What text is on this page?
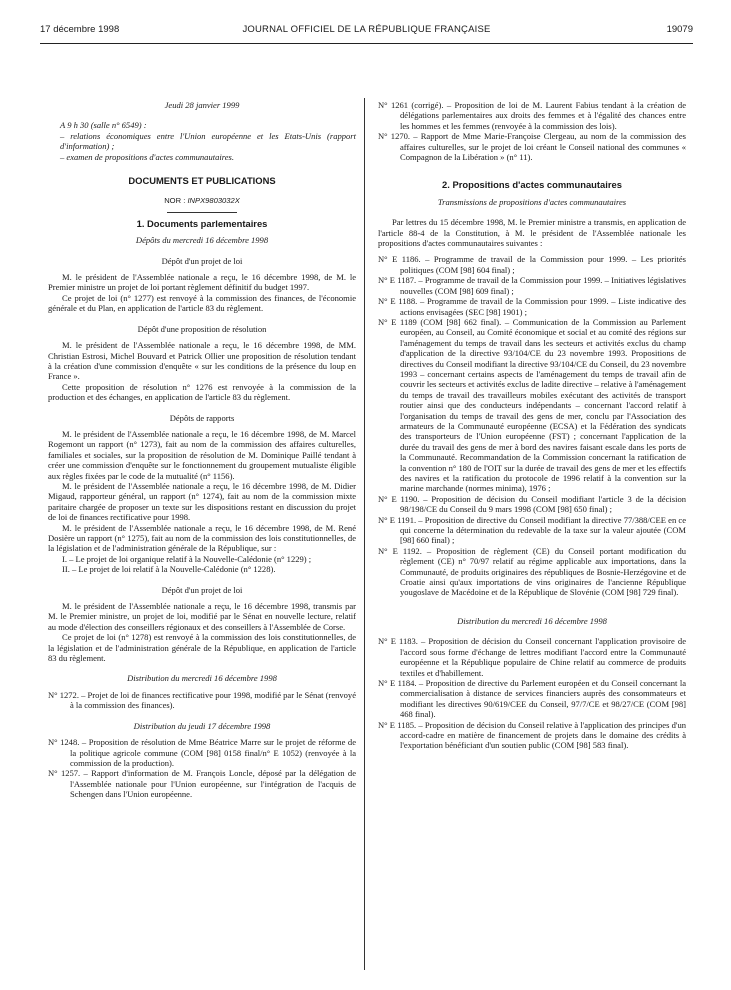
17 décembre 1998	JOURNAL OFFICIEL DE LA RÉPUBLIQUE FRANÇAISE	19079

Jeudi 28 janvier 1999

A 9 h 30 (salle n° 6549) :
– relations économiques entre l'Union européenne et les Etats-Unis (rapport d'information) ;
– examen de propositions d'actes communautaires.

DOCUMENTS ET PUBLICATIONS

NOR : INPX9803032X

1. Documents parlementaires

Dépôts du mercredi 16 décembre 1998

Dépôt d'un projet de loi

M. le président de l'Assemblée nationale a reçu, le 16 décembre 1998, de M. le Premier ministre un projet de loi portant règlement définitif du budget 1997.

Ce projet de loi (n° 1277) est renvoyé à la commission des finances, de l'économie générale et du Plan, en application de l'article 83 du règlement.

Dépôt d'une proposition de résolution

M. le président de l'Assemblée nationale a reçu, le 16 décembre 1998, de MM. Christian Estrosi, Michel Bouvard et Patrick Ollier une proposition de résolution tendant à la création d'une commission d'enquête « sur les conditions de la présence du loup en France ».

Cette proposition de résolution n° 1276 est renvoyée à la commission de la production et des échanges, en application de l'article 83 du règlement.

Dépôts de rapports

M. le président de l'Assemblée nationale a reçu, le 16 décembre 1998, de M. Marcel Rogemont un rapport (n° 1273), fait au nom de la commission des affaires culturelles, familiales et sociales, sur la proposition de résolution de M. Dominique Paillé tendant à créer une commission d'enquête sur le fonctionnement du groupement mutualiste éligible aux règles fixées par le code de la mutualité (n° 1156).

M. le président de l'Assemblée nationale a reçu, le 16 décembre 1998, de M. Didier Migaud, rapporteur général, un rapport (n° 1274), fait au nom de la commission mixte paritaire chargée de proposer un texte sur les dispositions restant en discussion du projet de loi de finances rectificative pour 1998.

M. le président de l'Assemblée nationale a reçu, le 16 décembre 1998, de M. René Dosière un rapport (n° 1275), fait au nom de la commission des lois constitutionnelles, de la législation et de l'administration générale de la République, sur :

I. – Le projet de loi organique relatif à la Nouvelle-Calédonie (n° 1229) ;

II. – Le projet de loi relatif à la Nouvelle-Calédonie (n° 1228).

Dépôt d'un projet de loi

M. le président de l'Assemblée nationale a reçu, le 16 décembre 1998, transmis par M. le Premier ministre, un projet de loi, modifié par le Sénat en nouvelle lecture, relatif au mode d'élection des conseillers régionaux et des conseillers à l'Assemblée de Corse.

Ce projet de loi (n° 1278) est renvoyé à la commission des lois constitutionnelles, de la législation et de l'administration générale de la République, en application de l'article 83 du règlement.

Distribution du mercredi 16 décembre 1998

N° 1272. – Projet de loi de finances rectificative pour 1998, modifié par le Sénat (renvoyé à la commission des finances).

Distribution du jeudi 17 décembre 1998

N° 1248. – Proposition de résolution de Mme Béatrice Marre sur le projet de réforme de la politique agricole commune (COM [98] 0158 final/n° E 1052) (renvoyée à la commission de la production).

N° 1257. – Rapport d'information de M. François Loncle, déposé par la délégation de l'Assemblée nationale pour l'Union européenne, sur l'intégration de l'acquis de Schengen dans l'Union européenne.

N° 1261 (corrigé). – Proposition de loi de M. Laurent Fabius tendant à la création de délégations parlementaires aux droits des femmes et à l'égalité des chances entre les hommes et les femmes (renvoyée à la commission des lois).

N° 1270. – Rapport de Mme Marie-Françoise Clergeau, au nom de la commission des affaires culturelles, sur le projet de loi créant le Conseil national des communes « Compagnon de la Libération » (n° 11).

2. Propositions d'actes communautaires

Transmissions de propositions d'actes communautaires

Par lettres du 15 décembre 1998, M. le Premier ministre a transmis, en application de l'article 88-4 de la Constitution, à M. le président de l'Assemblée nationale les propositions d'actes communautaires suivantes :

N° E 1186. – Programme de travail de la Commission pour 1999. – Les priorités politiques (COM [98] 604 final) ;

N° E 1187. – Programme de travail de la Commission pour 1999. – Initiatives législatives nouvelles (COM [98] 609 final) ;

N° E 1188. – Programme de travail de la Commission pour 1999. – Liste indicative des actions envisagées (SEC [98] 1901) ;

N° E 1189 (COM [98] 662 final). – Communication de la Commission au Parlement européen, au Conseil, au Comité économique et social et au comité des régions sur l'aménagement du temps de travail dans les secteurs et activités exclus du champ d'application de la directive 93/104/CE du 23 novembre 1993. Propositions de directives du Conseil modifiant la directive 93/104/CE du Conseil, du 23 novembre 1993 – concernant certains aspects de l'aménagement du temps de travail afin de couvrir les secteurs et activités exclus de ladite directive – relative à l'aménagement du temps de travail des travailleurs mobiles exécutant des activités de transport routier ainsi que des conducteurs indépendants – concernant l'accord relatif à l'organisation du temps de travail des gens de mer, conclu par l'Association des armateurs de la Communauté européenne (ECSA) et la Fédération des syndicats des transporteurs de l'Union européenne (FST) ; concernant l'application de la durée du travail des gens de mer à bord des navires faisant escale dans les ports de la Communauté. Recommandation de la Commission concernant la ratification de la convention n° 180 de l'OIT sur la durée de travail des gens de mer et les effectifs des navires et la ratification du protocole de 1996 relatif à la convention sur la marine marchande (normes minima), 1976 ;

N° E 1190. – Proposition de décision du Conseil modifiant l'article 3 de la décision 98/198/CE du Conseil du 9 mars 1998 (COM [98] 650 final) ;

N° E 1191. – Proposition de directive du Conseil modifiant la directive 77/388/CEE en ce qui concerne la détermination du redevable de la taxe sur la valeur ajoutée (COM [98] 660 final) ;

N° E 1192. – Proposition de règlement (CE) du Conseil portant modification du règlement (CE) n° 70/97 relatif au régime applicable aux importations, dans la Communauté, de produits originaires des républiques de Bosnie-Herzégovine et de Croatie ainsi qu'aux importations de vins originaires de l'ancienne République yougoslave de Macédoine et de la République de Slovénie (COM [98] 729 final).

Distribution du mercredi 16 décembre 1998

N° E 1183. – Proposition de décision du Conseil concernant l'application provisoire de l'accord sous forme d'échange de lettres modifiant l'accord entre la Communauté européenne et la République populaire de Chine relatif au commerce de produits textiles et d'habillement.

N° E 1184. – Proposition de directive du Parlement européen et du Conseil concernant la commercialisation à distance de services financiers auprès des consommateurs et modifiant les directives 90/619/CEE du Conseil, 97/7/CE et 98/27/CE (COM [98] 468 final).

N° E 1185. – Proposition de décision du Conseil relative à l'application des principes d'un accord-cadre en matière de financement de projets dans le domaine des crédits à l'exportation bénéficiant d'un soutien public (COM [98] 583 final).
